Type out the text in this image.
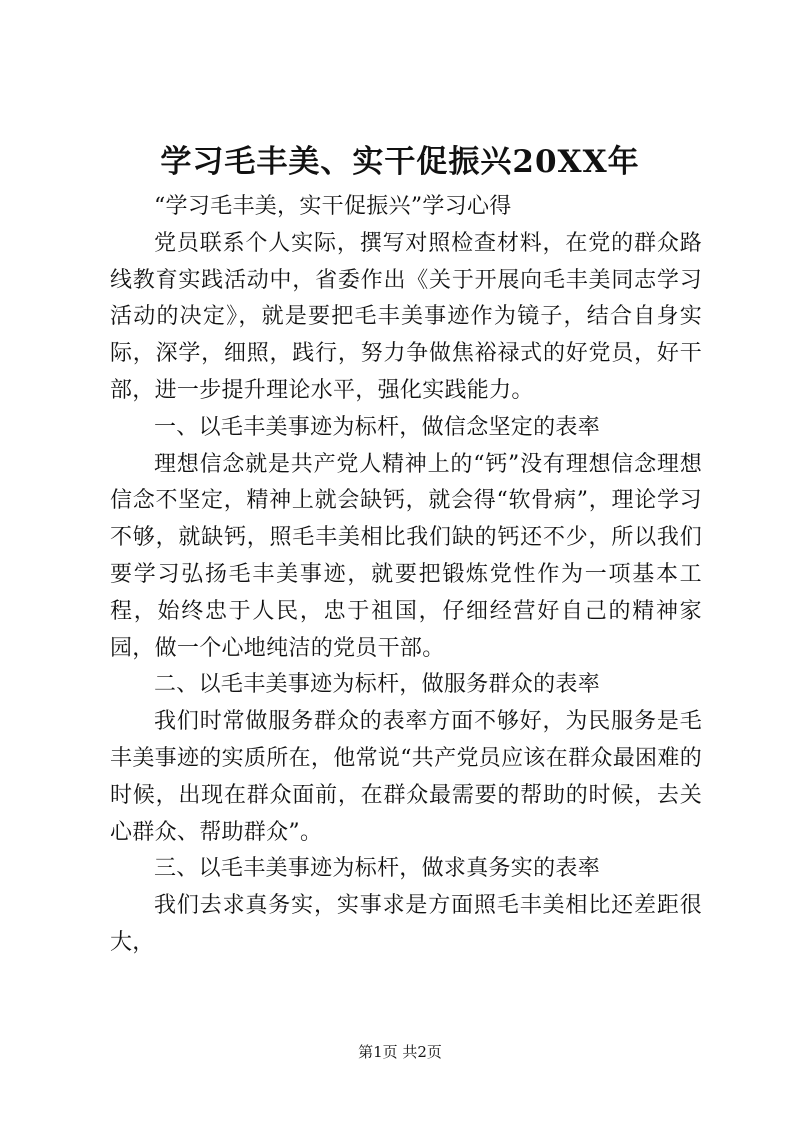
学习毛丰美、实干促振兴20XX年

“学习毛丰美，实干促振兴”学习心得

党员联系个人实际，撰写对照检查材料，在党的群众路线教育实践活动中，省委作出《关于开展向毛丰美同志学习活动的决定》，就是要把毛丰美事迹作为镜子，结合自身实际，深学，细照，践行，努力争做焦裕禄式的好党员，好干部，进一步提升理论水平，强化实践能力。

一、以毛丰美事迹为标杆，做信念坚定的表率

理想信念就是共产党人精神上的“钙”没有理想信念理想信念不坚定，精神上就会缺钙，就会得“软骨病”，理论学习不够，就缺钙，照毛丰美相比我们缺的钙还不少，所以我们要学习弘扬毛丰美事迹，就要把锻炼党性作为一项基本工程，始终忠于人民，忠于祖国，仔细经营好自己的精神家园，做一个心地纯洁的党员干部。

二、以毛丰美事迹为标杆，做服务群众的表率

我们时常做服务群众的表率方面不够好，为民服务是毛丰美事迹的实质所在，他常说“共产党员应该在群众最困难的时候，出现在群众面前，在群众最需要的帮助的时候，去关心群众、帮助群众”。

三、以毛丰美事迹为标杆，做求真务实的表率

我们去求真务实，实事求是方面照毛丰美相比还差距很大，

第1页 共2页
